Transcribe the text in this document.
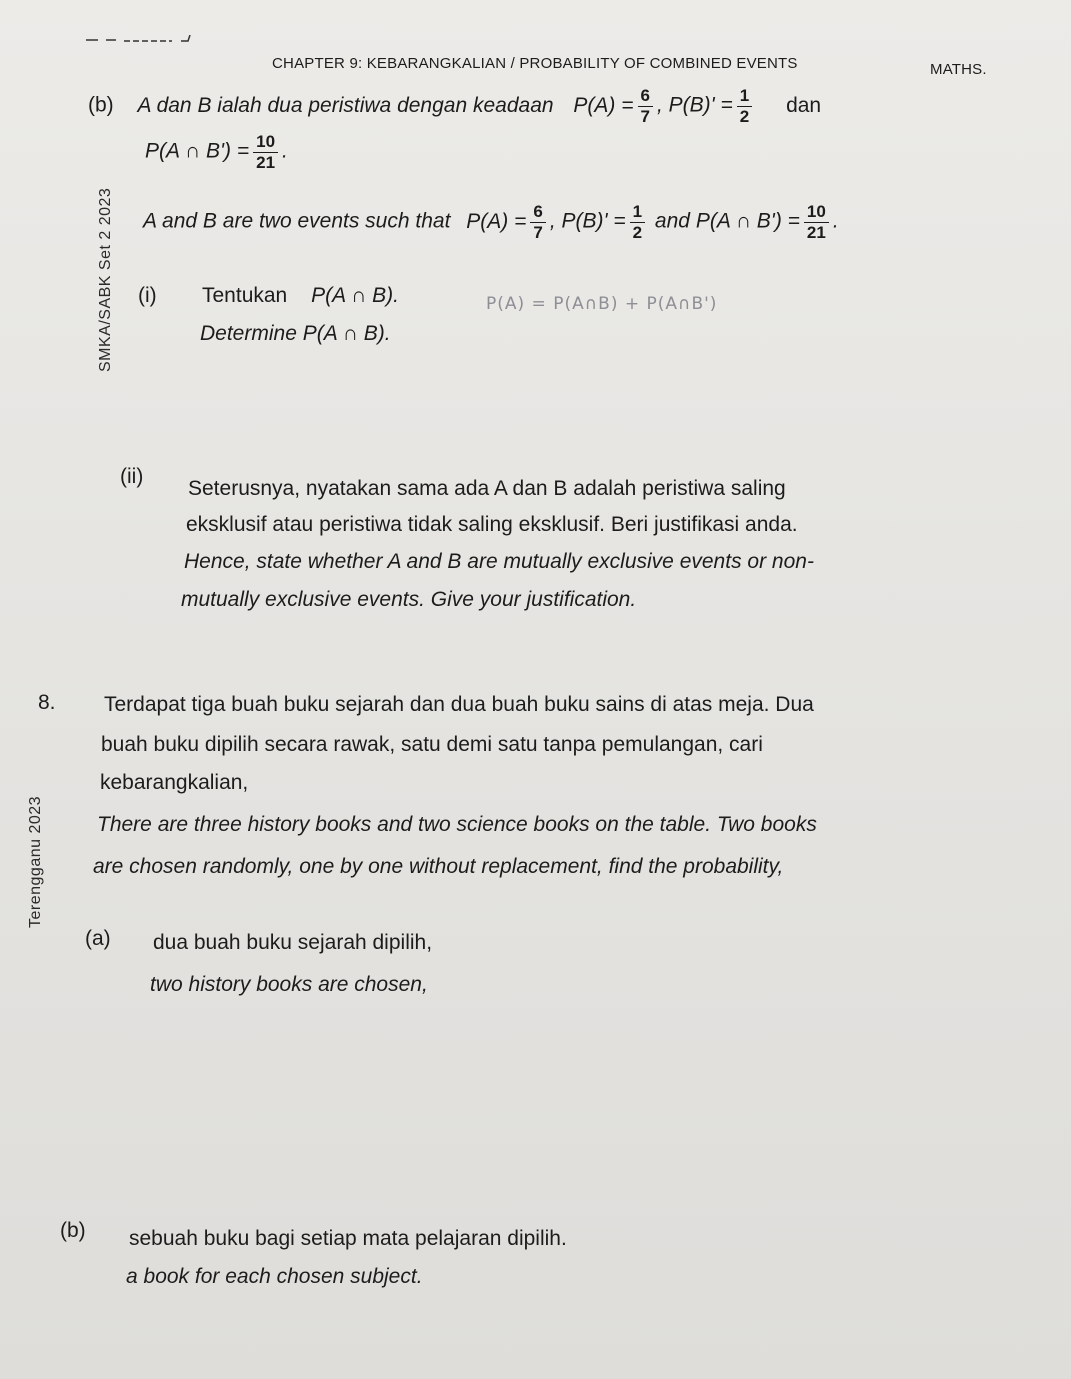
CHAPTER 9: KEBARANGKALIAN / PROBABILITY OF COMBINED EVENTS	MATHS.
SMKA/SABK Set 2 2023
Terengganu 2023
(b) A dan B ialah dua peristiwa dengan keadaan $P(A) = \frac{6}{7}$ , $P(B)' = \frac{1}{2}$ dan
P(A ∩ $B') = \frac{10}{21}$ .
A and B are two events such that $P(A) = \frac{6}{7}$ , $P(B)' = \frac{1}{2}$ and P(A ∩ $B') = \frac{10}{21}$ .
(i) Tentukan P(A ∩ B).	P(A) = P(A∩B) + P(A∩B')
Determine P(A ∩ B).
(ii)
Seterusnya, nyatakan sama ada A dan B adalah peristiwa saling
eksklusif atau peristiwa tidak saling eksklusif. Beri justifikasi anda.
Hence, state whether A and B are mutually exclusive events or non-
mutually exclusive events. Give your justification.
8. Terdapat tiga buah buku sejarah dan dua buah buku sains di atas meja. Dua
buah buku dipilih secara rawak, satu demi satu tanpa pemulangan, cari
kebarangkalian,
There are three history books and two science books on the table. Two books
are chosen randomly, one by one without replacement, find the probability,
(a) dua buah buku sejarah dipilih,
two history books are chosen,
(b) sebuah buku bagi setiap mata pelajaran dipilih.
a book for each chosen subject.
